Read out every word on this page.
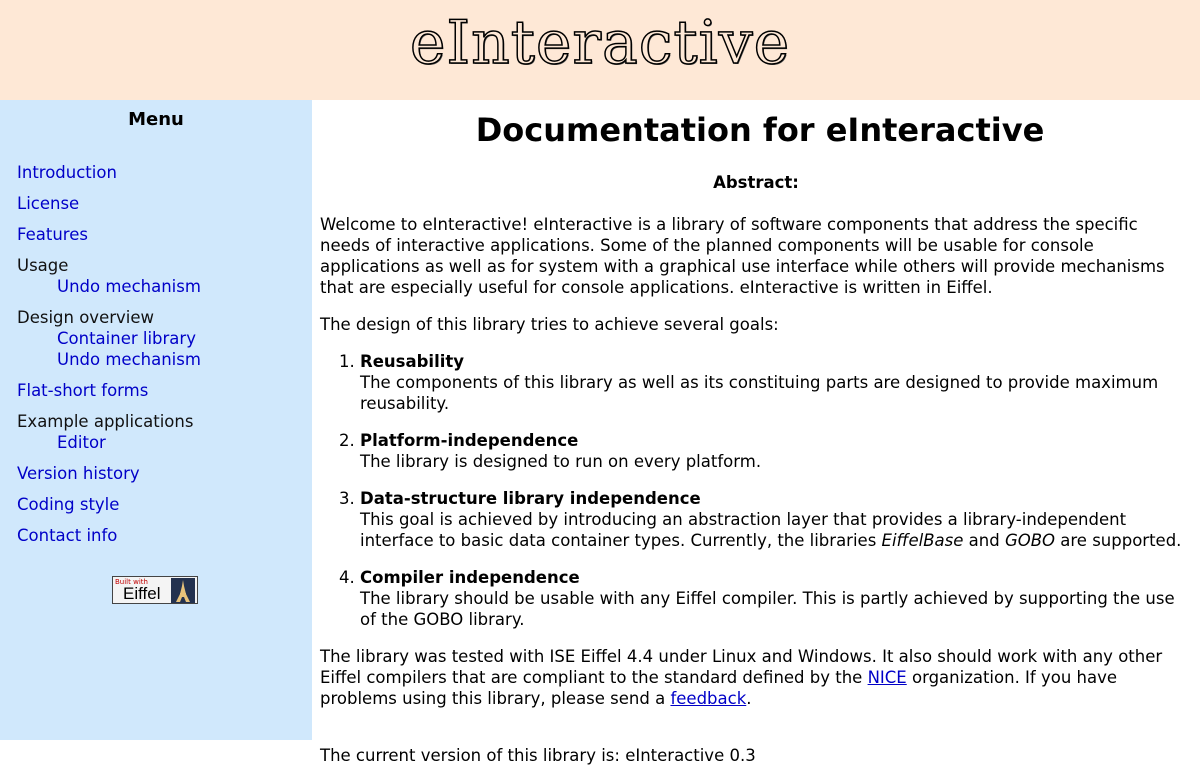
eInteractive
Menu
Introduction
License
Features
Usage
Undo mechanism
Design overview
Container library
Undo mechanism
Flat-short forms
Example applications
Editor
Version history
Coding style
Contact info
Built with
Eiffel
Documentation for eInteractive
Abstract:

Welcome to eInteractive! eInteractive is a library of software components that address the specific needs of interactive applications. Some of the planned components will be usable for console applications as well as for system with a graphical use interface while others will provide mechanisms that are especially useful for console applications. eInteractive is written in Eiffel.

The design of this library tries to achieve several goals:

1. Reusability
The components of this library as well as its constituing parts are designed to provide maximum reusability.
2. Platform-independence
The library is designed to run on every platform.
3. Data-structure library independence
This goal is achieved by introducing an abstraction layer that provides a library-independent interface to basic data container types. Currently, the libraries EiffelBase and GOBO are supported.
4. Compiler independence
The library should be usable with any Eiffel compiler. This is partly achieved by supporting the use of the GOBO library.

The library was tested with ISE Eiffel 4.4 under Linux and Windows. It also should work with any other Eiffel compilers that are compliant to the standard defined by the NICE organization. If you have problems using this library, please send a feedback.

The current version of this library is: eInteractive 0.3
